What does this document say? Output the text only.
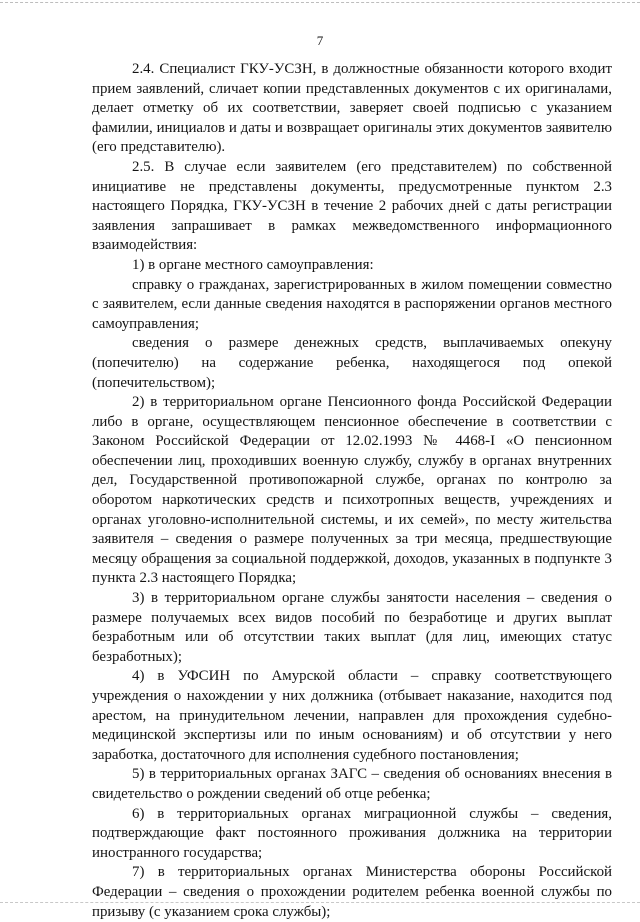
7

2.4. Специалист ГКУ-УСЗН, в должностные обязанности которого входит прием заявлений, сличает копии представленных документов с их оригиналами, делает отметку об их соответствии, заверяет своей подписью с указанием фамилии, инициалов и даты и возвращает оригиналы этих документов заявителю (его представителю).

2.5. В случае если заявителем (его представителем) по собственной инициативе не представлены документы, предусмотренные пунктом 2.3 настоящего Порядка, ГКУ-УСЗН в течение 2 рабочих дней с даты регистрации заявления запрашивает в рамках межведомственного информационного взаимодействия:

1) в органе местного самоуправления:

справку о гражданах, зарегистрированных в жилом помещении совместно с заявителем, если данные сведения находятся в распоряжении органов местного самоуправления;

сведения о размере денежных средств, выплачиваемых опекуну (попечителю) на содержание ребенка, находящегося под опекой (попечительством);

2) в территориальном органе Пенсионного фонда Российской Федерации либо в органе, осуществляющем пенсионное обеспечение в соответствии с Законом Российской Федерации от 12.02.1993 № 4468-I «О пенсионном обеспечении лиц, проходивших военную службу, службу в органах внутренних дел, Государственной противопожарной службе, органах по контролю за оборотом наркотических средств и психотропных веществ, учреждениях и органах уголовно-исполнительной системы, и их семей», по месту жительства заявителя – сведения о размере полученных за три месяца, предшествующие месяцу обращения за социальной поддержкой, доходов, указанных в подпункте 3 пункта 2.3 настоящего Порядка;

3) в территориальном органе службы занятости населения – сведения о размере получаемых всех видов пособий по безработице и других выплат безработным или об отсутствии таких выплат (для лиц, имеющих статус безработных);

4) в УФСИН по Амурской области – справку соответствующего учреждения о нахождении у них должника (отбывает наказание, находится под арестом, на принудительном лечении, направлен для прохождения судебно-медицинской экспертизы или по иным основаниям) и об отсутствии у него заработка, достаточного для исполнения судебного постановления;

5) в территориальных органах ЗАГС – сведения об основаниях внесения в свидетельство о рождении сведений об отце ребенка;

6) в территориальных органах миграционной службы – сведения, подтверждающие факт постоянного проживания должника на территории иностранного государства;

7) в территориальных органах Министерства обороны Российской Федерации – сведения о прохождении родителем ребенка военной службы по призыву (с указанием срока службы);
